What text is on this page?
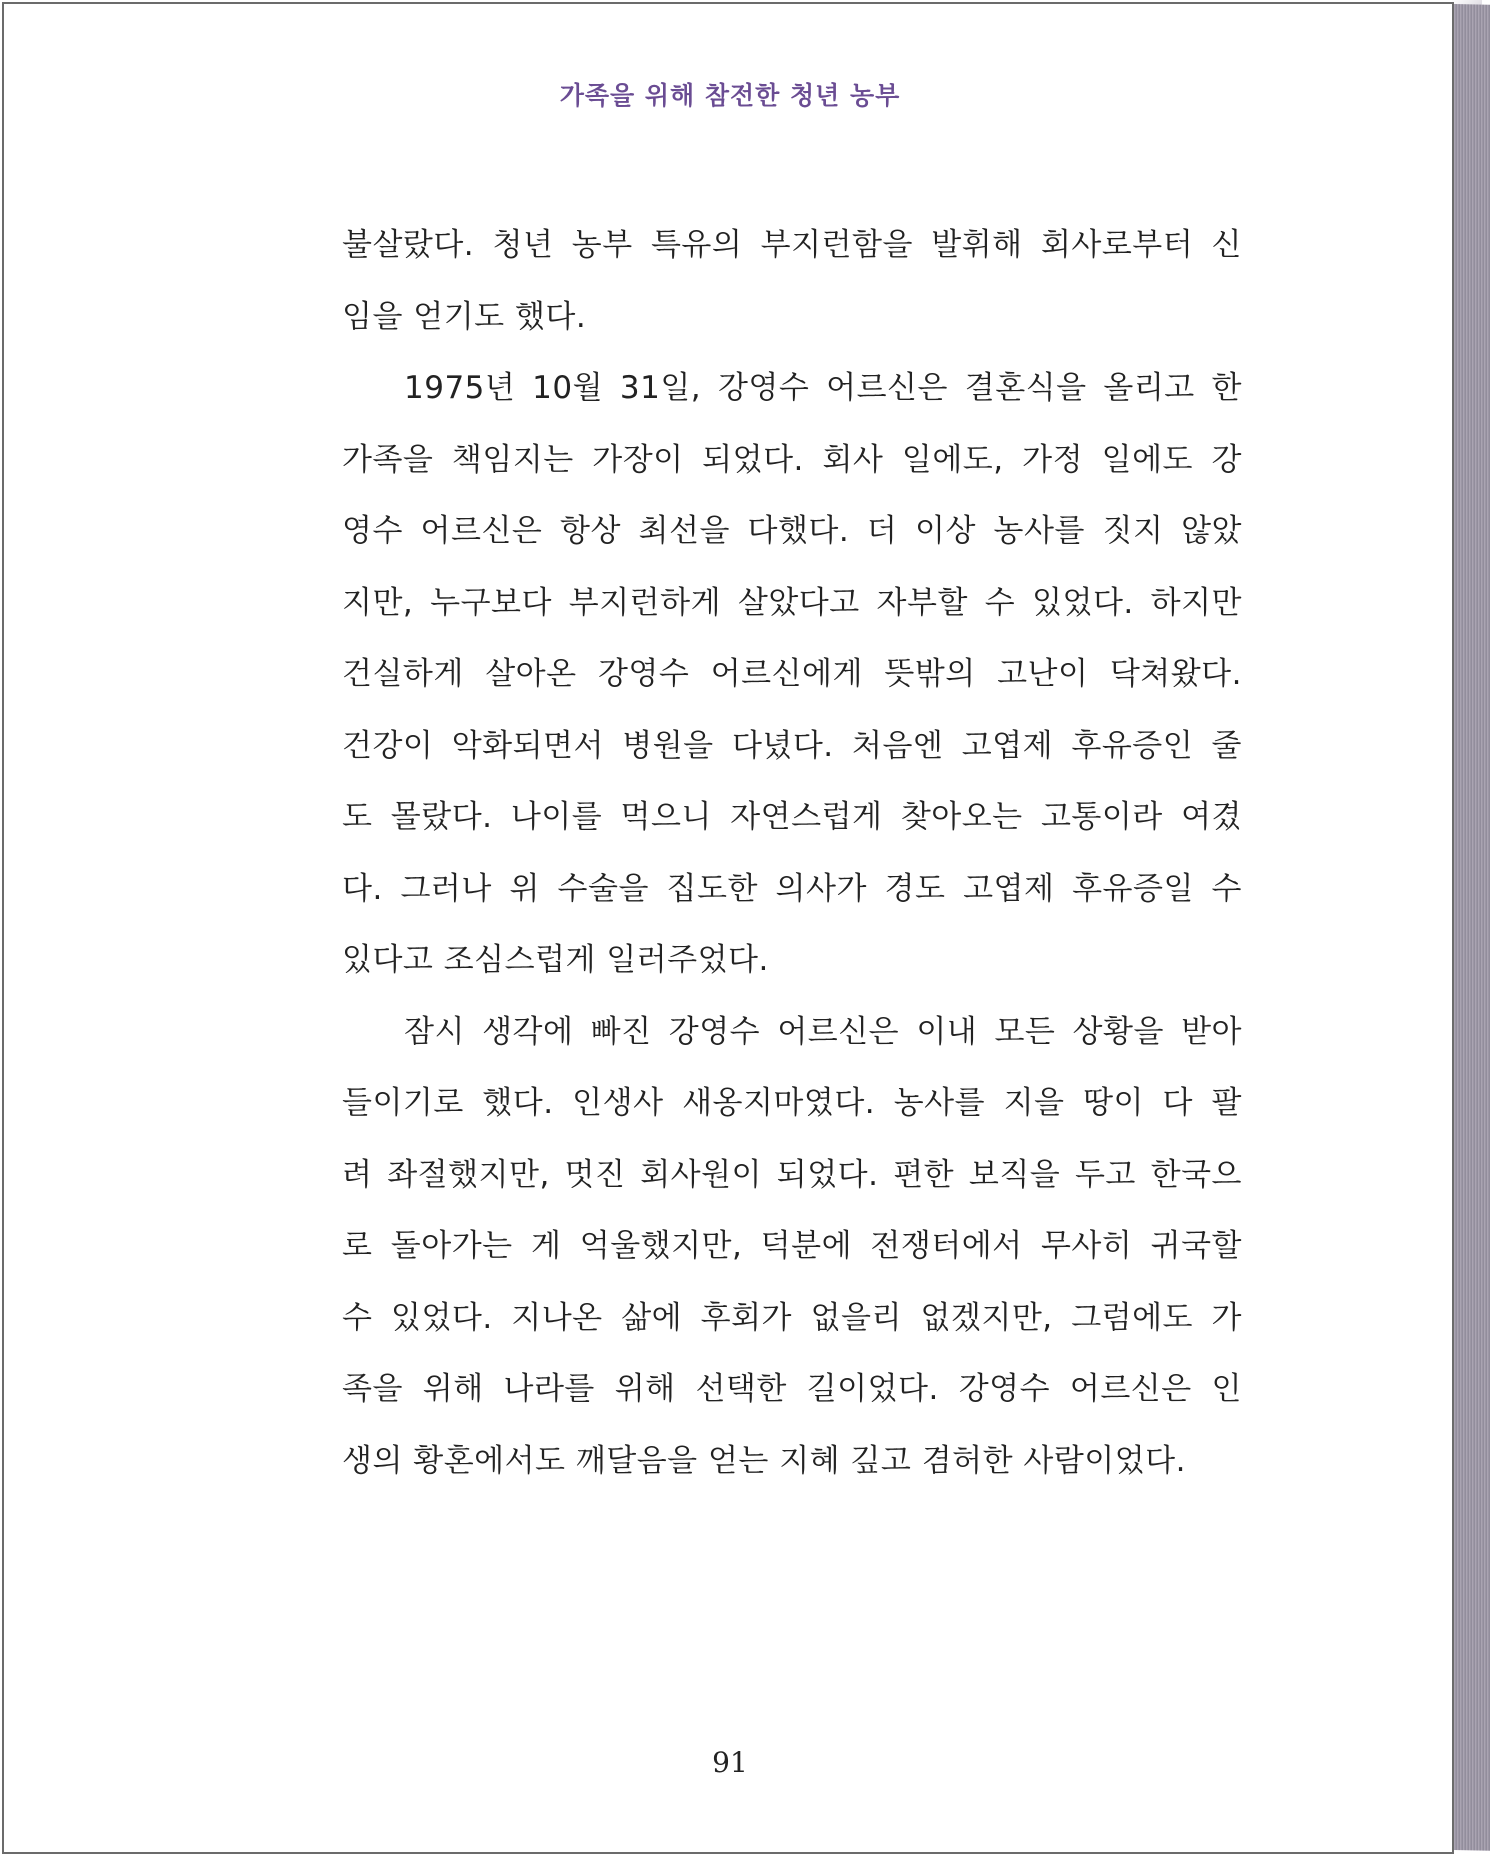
가족을 위해 참전한 청년 농부
불살랐다. 청년 농부 특유의 부지런함을 발휘해 회사로부터 신
임을 얻기도 했다.
1975년 10월 31일, 강영수 어르신은 결혼식을 올리고 한
가족을 책임지는 가장이 되었다. 회사 일에도, 가정 일에도 강
영수 어르신은 항상 최선을 다했다. 더 이상 농사를 짓지 않았
지만, 누구보다 부지런하게 살았다고 자부할 수 있었다. 하지만
건실하게 살아온 강영수 어르신에게 뜻밖의 고난이 닥쳐왔다.
건강이 악화되면서 병원을 다녔다. 처음엔 고엽제 후유증인 줄
도 몰랐다. 나이를 먹으니 자연스럽게 찾아오는 고통이라 여겼
다. 그러나 위 수술을 집도한 의사가 경도 고엽제 후유증일 수
있다고 조심스럽게 일러주었다.
잠시 생각에 빠진 강영수 어르신은 이내 모든 상황을 받아
들이기로 했다. 인생사 새옹지마였다. 농사를 지을 땅이 다 팔
려 좌절했지만, 멋진 회사원이 되었다. 편한 보직을 두고 한국으
로 돌아가는 게 억울했지만, 덕분에 전쟁터에서 무사히 귀국할
수 있었다. 지나온 삶에 후회가 없을리 없겠지만, 그럼에도 가
족을 위해 나라를 위해 선택한 길이었다. 강영수 어르신은 인
생의 황혼에서도 깨달음을 얻는 지혜 깊고 겸허한 사람이었다.
91
